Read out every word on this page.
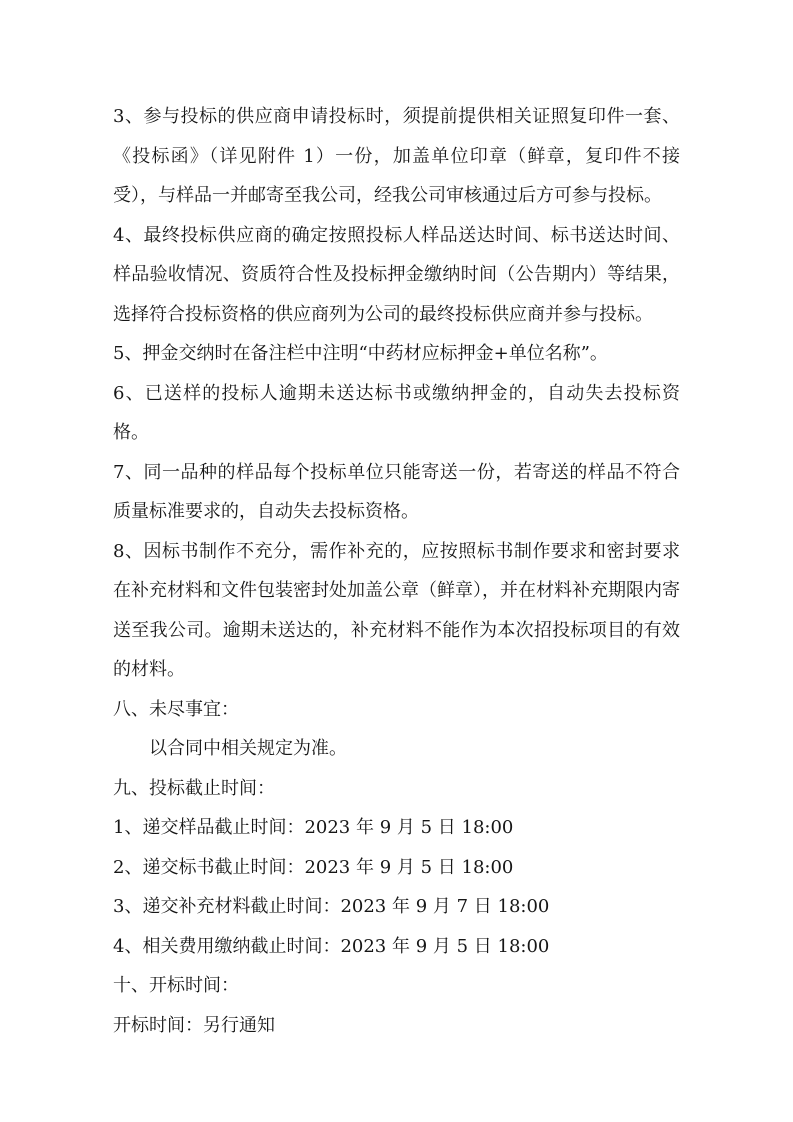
3、参与投标的供应商申请投标时，须提前提供相关证照复印件一套、《投标函》（详见附件 1）一份，加盖单位印章（鲜章，复印件不接受），与样品一并邮寄至我公司，经我公司审核通过后方可参与投标。

4、最终投标供应商的确定按照投标人样品送达时间、标书送达时间、样品验收情况、资质符合性及投标押金缴纳时间（公告期内）等结果，选择符合投标资格的供应商列为公司的最终投标供应商并参与投标。

5、押金交纳时在备注栏中注明“中药材应标押金+单位名称”。

6、已送样的投标人逾期未送达标书或缴纳押金的，自动失去投标资格。

7、同一品种的样品每个投标单位只能寄送一份，若寄送的样品不符合质量标准要求的，自动失去投标资格。

8、因标书制作不充分，需作补充的，应按照标书制作要求和密封要求在补充材料和文件包装密封处加盖公章（鲜章），并在材料补充期限内寄送至我公司。逾期未送达的，补充材料不能作为本次招投标项目的有效的材料。

八、未尽事宜：

以合同中相关规定为准。

九、投标截止时间：

1、递交样品截止时间：2023 年 9 月 5 日 18:00

2、递交标书截止时间：2023 年 9 月 5 日 18:00

3、递交补充材料截止时间：2023 年 9 月 7 日 18:00

4、相关费用缴纳截止时间：2023 年 9 月 5 日 18:00

十、开标时间：

开标时间：另行通知
